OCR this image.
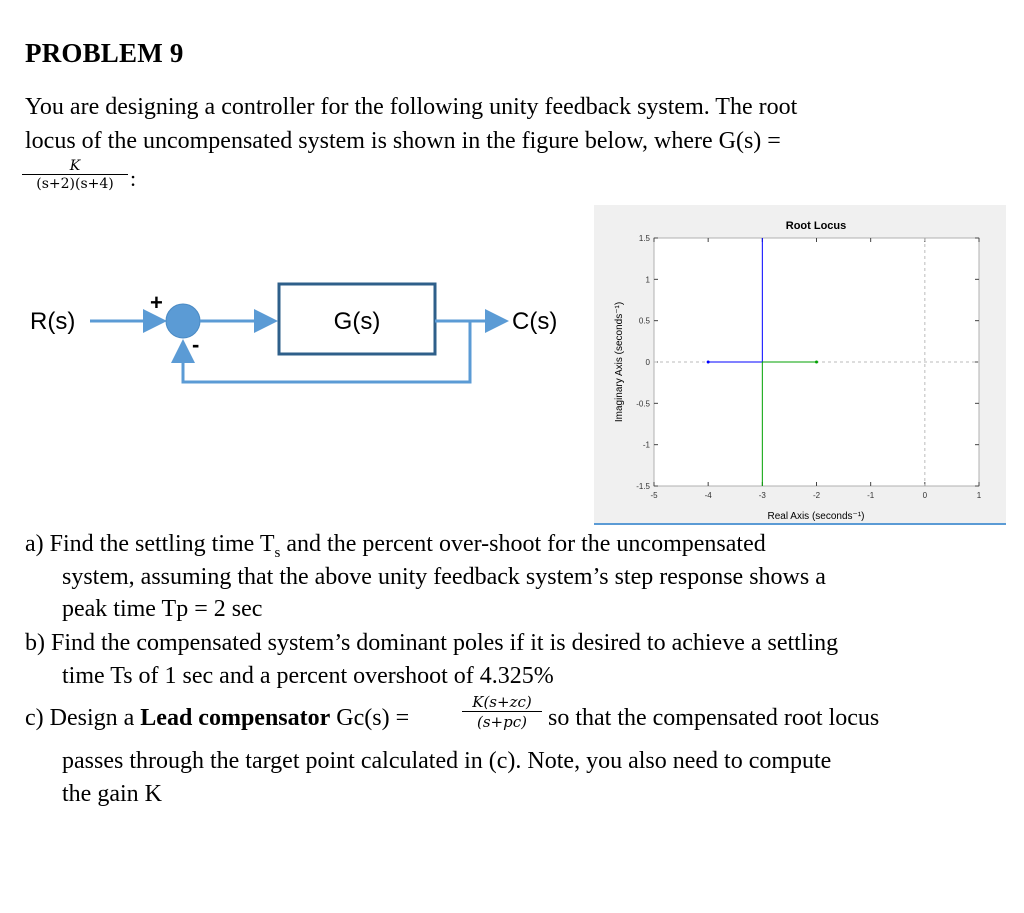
PROBLEM 9
You are designing a controller for the following unity feedback system. The root
locus of the uncompensated system is shown in the figure below, where G(s) =
$\frac{K}{(s+2)(s+4)}$ :
R(s)
+
-
G(s)	C(s)
Root Locus
-5	-4	-3	-2	-1	0	1
1.5
1
0.5
0
-0.5
-1
-1.5
Real Axis (seconds⁻¹)
Imaginary Axis (seconds⁻¹)
a) Find the settling time $T_s$ and the percent over-shoot for the uncompensated
system, assuming that the above unity feedback system’s step response shows a
peak time Tp = 2 sec
b) Find the compensated system’s dominant poles if it is desired to achieve a settling
time Ts of 1 sec and a percent overshoot of 4.325%
c) Design a Lead compensator Gc(s) =	$\frac{K(s+zc)}{(s+pc)}$ so that the compensated root locus
passes through the target point calculated in (c). Note, you also need to compute
the gain K
